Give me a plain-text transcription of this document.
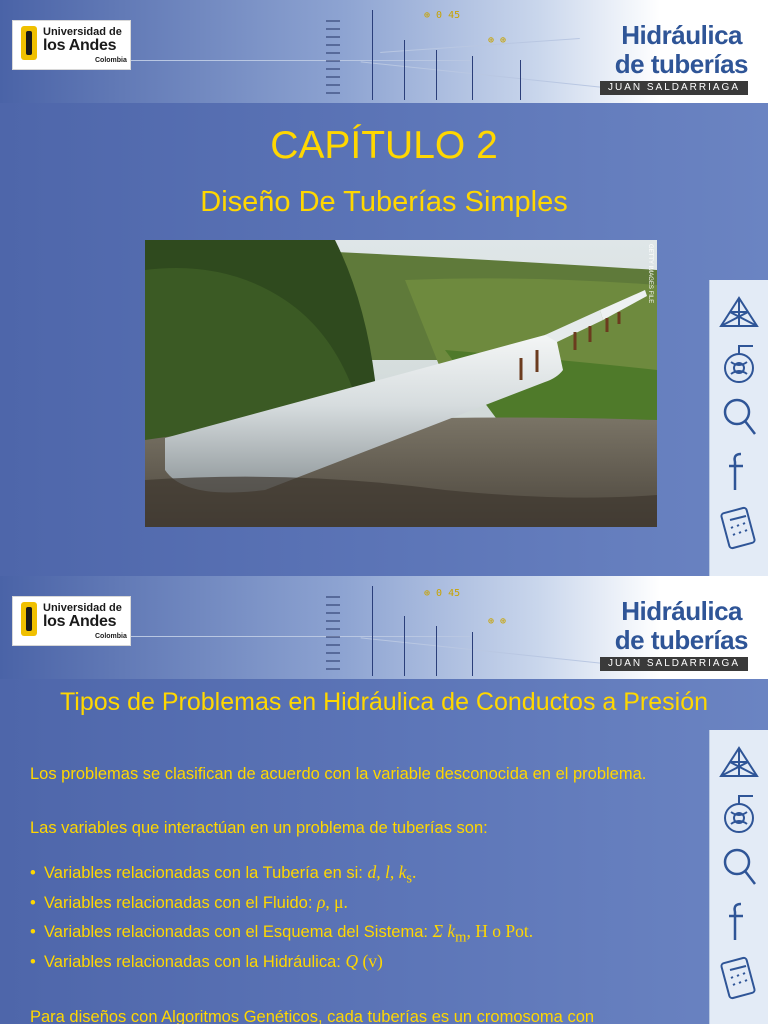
⊕ 0 45
⊕ ⊕
Universidad de
los Andes
Colombia
Hidráulica
de tuberías
JUAN SALDARRIAGA
CAPÍTULO 2
Diseño De Tuberías Simples
GETTY IMAGES FILE
⊕ 0 45
⊕ ⊕
Universidad de
los Andes
Colombia
Hidráulica
de tuberías
JUAN SALDARRIAGA
Tipos de Problemas en Hidráulica de Conductos a Presión
Los problemas se clasifican de acuerdo con la variable desconocida en el problema.
Las variables que interactúan en un problema de tuberías son:
• Variables relacionadas con la Tubería en si: d, l, $k_s$.
• Variables relacionadas con el Fluido: ρ, μ.
• Variables relacionadas con el Esquema del Sistema: Σ $k_m$, H o Pot.
• Variables relacionadas con la Hidráulica: Q (v)
Para diseños con Algoritmos Genéticos, cada tuberías es un cromosoma con
